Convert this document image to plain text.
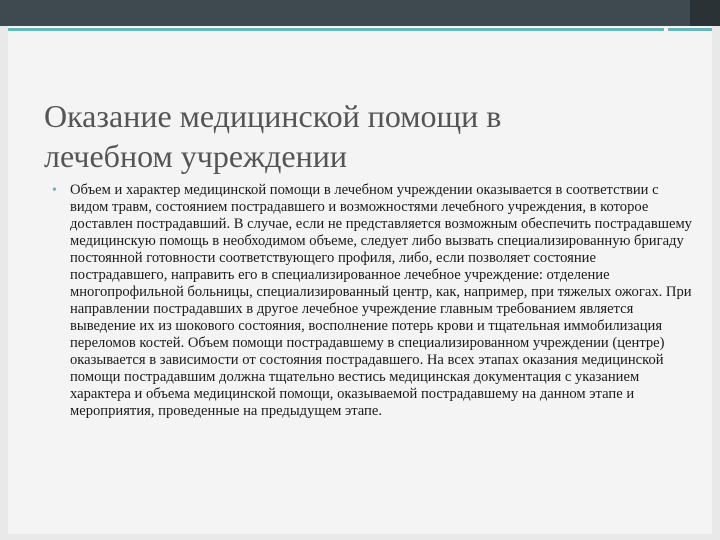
Оказание медицинской помощи в
лечебном учреждении
• Объем и характер медицинской помощи в лечебном учреждении оказывается в соответствии с видом травм, состоянием пострадавшего и возможностями лечебного учреждения, в которое доставлен пострадавший. В случае, если не представляется возможным обеспечить пострадавшему медицинскую помощь в необходимом объеме, следует либо вызвать специализированную бригаду постоянной готовности соответствующего профиля, либо, если позволяет состояние пострадавшего, направить его в специализированное лечебное учреждение: отделение многопрофильной больницы, специализированный центр, как, например, при тяжелых ожогах. При направлении пострадавших в другое лечебное учреждение главным требованием является выведение их из шокового состояния, восполнение потерь крови и тщательная иммобилизация переломов костей. Объем помощи пострадавшему в специализированном учреждении (центре) оказывается в зависимости от состояния пострадавшего. На всех этапах оказания медицинской помощи пострадавшим должна тщательно вестись медицинская документация с указанием характера и объема медицинской помощи, оказываемой пострадавшему на данном этапе и мероприятия, проведенные на предыдущем этапе.
